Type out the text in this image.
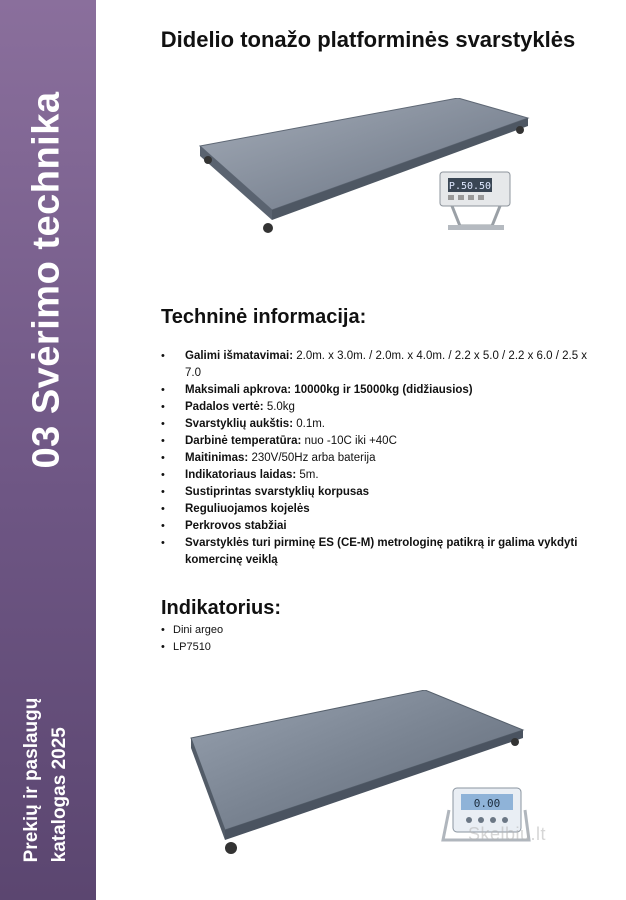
03 Svėrimo technika
Prekių ir paslaugų katalogas 2025
Didelio tonažo platforminės svarstyklės
P.50.50
Techninė informacija:
• Galimi išmatavimai: 2.0m. x 3.0m. / 2.0m. x 4.0m. / 2.2 x 5.0 / 2.2 x 6.0 / 2.5 x 7.0
• Maksimali apkrova: 10000kg ir 15000kg (didžiausios)
• Padalos vertė: 5.0kg
• Svarstyklių aukštis: 0.1m.
• Darbinė temperatūra: nuo -10C iki +40C
• Maitinimas: 230V/50Hz arba baterija
• Indikatoriaus laidas: 5m.
• Sustiprintas svarstyklių korpusas
• Reguliuojamos kojelės
• Perkrovos stabžiai
• Svarstyklės turi pirminę ES (CE-M) metrologinę patikrą ir galima vykdyti komercinę veiklą
Indikatorius:
• Dini argeo
• LP7510
0.00
Skelbiu.lt
